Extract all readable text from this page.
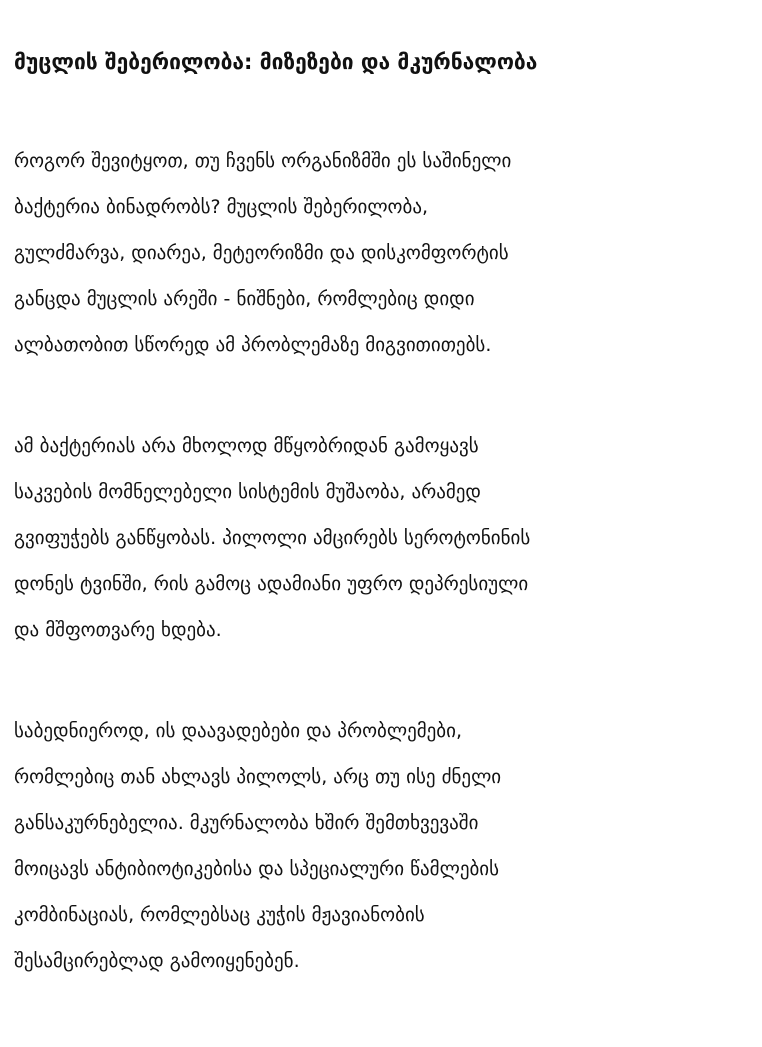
მუცლის შებერილობა: მიზეზები და მკურნალობა
როგორ შევიტყოთ, თუ ჩვენს ორგანიზმში ეს საშინელი
ბაქტერია ბინადრობს? მუცლის შებერილობა,
გულძმარვა, დიარეა, მეტეორიზმი და დისკომფორტის
განცდა მუცლის არეში - ნიშნები, რომლებიც დიდი
ალბათობით სწორედ ამ პრობლემაზე მიგვითითებს.
ამ ბაქტერიას არა მხოლოდ მწყობრიდან გამოყავს
საკვების მომნელებელი სისტემის მუშაობა, არამედ
გვიფუჭებს განწყობას. პილოლი ამცირებს სეროტონინის
დონეს ტვინში, რის გამოც ადამიანი უფრო დეპრესიული
და მშფოთვარე ხდება.
საბედნიეროდ, ის დაავადებები და პრობლემები,
რომლებიც თან ახლავს პილოლს, არც თუ ისე ძნელი
განსაკურნებელია. მკურნალობა ხშირ შემთხვევაში
მოიცავს ანტიბიოტიკებისა და სპეციალური წამლების
კომბინაციას, რომლებსაც კუჭის მჟავიანობის
შესამცირებლად გამოიყენებენ.
